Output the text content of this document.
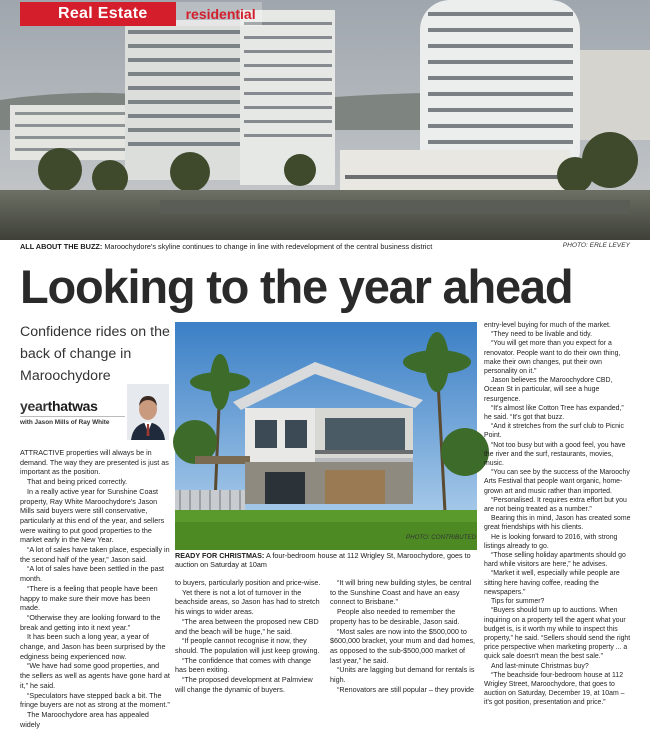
Real Estate	residential
ALL ABOUT THE BUZZ: Maroochydore's skyline continues to change in line with redevelopment of the central business district	PHOTO: ERLE LEVEY
Looking to the year ahead
Confidence rides on the back of change in Maroochydore
yearthatwas
with Jason Mills of Ray White

ATTRACTIVE properties will always be in demand. The way they are presented is just as important as the position.

That and being priced correctly.

In a really active year for Sunshine Coast property, Ray White Maroochydore's Jason Mills said buyers were still conservative, particularly at this end of the year, and sellers were waiting to put good properties to the market early in the New Year.

“A lot of sales have taken place, especially in the second half of the year,” Jason said.

“A lot of sales have been settled in the past month.

“There is a feeling that people have been happy to make sure their move has been made.

“Otherwise they are looking forward to the break and getting into it next year.”

It has been such a long year, a year of change, and Jason has been surprised by the edginess being experienced now.

“We have had some good properties, and the sellers as well as agents have gone hard at it,” he said.

“Speculators have stepped back a bit. The fringe buyers are not as strong at the moment.”

The Maroochydore area has appealed widely

READY FOR CHRISTMAS: A four-bedroom house at 112 Wrigley St, Maroochydore, goes to auction on Saturday at 10am
PHOTO: CONTRIBUTED

to buyers, particularly position and price-wise.

Yet there is not a lot of turnover in the beachside areas, so Jason has had to stretch his wings to wider areas.

“The area between the proposed new CBD and the beach will be huge,” he said.

“If people cannot recognise it now, they should. The population will just keep growing.

“The confidence that comes with change has been exiting.

“The proposed development at Palmview will change the dynamic of buyers.

“It will bring new building styles, be central to the Sunshine Coast and have an easy connect to Brisbane.”

People also needed to remember the property has to be desirable, Jason said.

“Most sales are now into the $500,000 to $600,000 bracket, your mum and dad homes, as opposed to the sub-$500,000 market of last year,” he said.

“Units are lagging but demand for rentals is high.

“Renovators are still popular – they provide

entry-level buying for much of the market.

“They need to be livable and tidy.

“You will get more than you expect for a renovator. People want to do their own thing, make their own changes, put their own personality on it.”

Jason believes the Maroochydore CBD, Ocean St in particular, will see a huge resurgence.

“It's almost like Cotton Tree has expanded,” he said. “It's got that buzz.

“And it stretches from the surf club to Picnic Point.

“Not too busy but with a good feel, you have the river and the surf, restaurants, movies, music.

“You can see by the success of the Maroochy Arts Festival that people want organic, home-grown art and music rather than imported.

“Personalised. It requires extra effort but you are not being treated as a number.”

Bearing this in mind, Jason has created some great friendships with his clients.

He is looking forward to 2016, with strong listings already to go.

“Those selling holiday apartments should go hard while visitors are here,” he advises.

“Market it well, especially while people are sitting here having coffee, reading the newspapers.”

Tips for summer?

“Buyers should turn up to auctions. When inquiring on a property tell the agent what your budget is, is it worth my while to inspect this property,” he said. “Sellers should send the right price perspective when marketing property ... a quick sale doesn't mean the best sale.”

And last-minute Christmas buy?

“The beachside four-bedroom house at 112 Wrigley Street, Maroochydore, that goes to auction on Saturday, December 19, at 10am – it's got position, presentation and price.”
